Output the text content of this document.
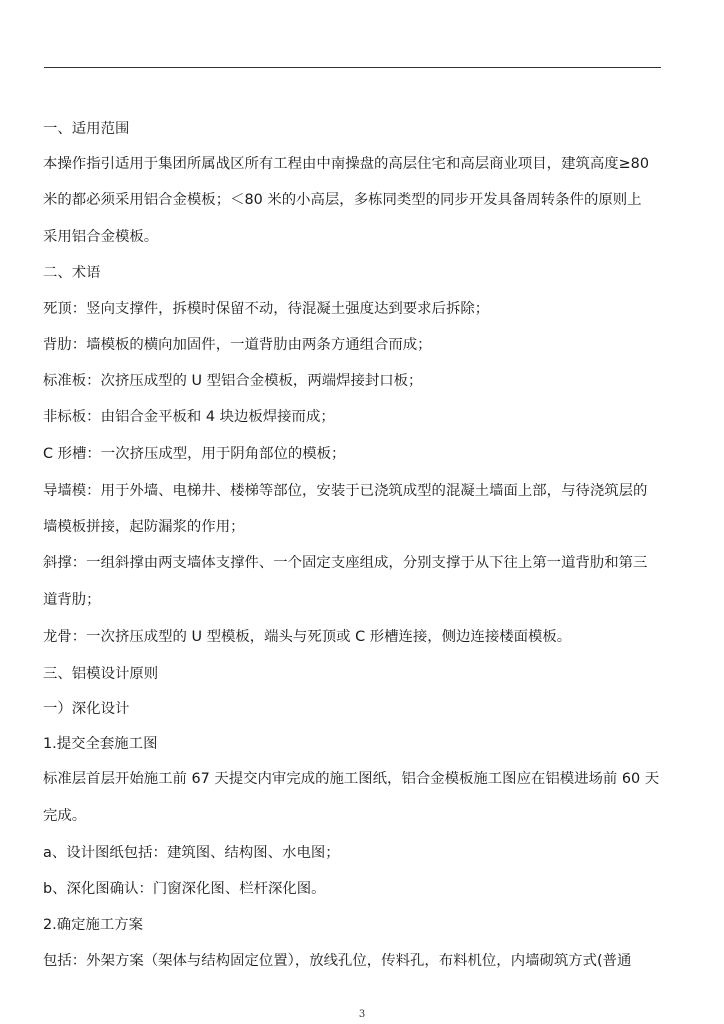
一、适用范围
本操作指引适用于集团所属战区所有工程由中南操盘的高层住宅和高层商业项目，建筑高度≥80
米的都必须采用铝合金模板；＜80 米的小高层，多栋同类型的同步开发具备周转条件的原则上
采用铝合金模板。
二、术语
死顶：竖向支撑件，拆模时保留不动，待混凝土强度达到要求后拆除；
背肋：墙模板的横向加固件，一道背肋由两条方通组合而成；
标准板：次挤压成型的 U 型铝合金模板，两端焊接封口板；
非标板：由铝合金平板和 4 块边板焊接而成；
C 形槽：一次挤压成型，用于阴角部位的模板；
导墙模：用于外墙、电梯井、楼梯等部位，安装于已浇筑成型的混凝土墙面上部，与待浇筑层的
墙模板拼接，起防漏浆的作用；
斜撑：一组斜撑由两支墙体支撑件、一个固定支座组成，分别支撑于从下往上第一道背肋和第三
道背肋；
龙骨：一次挤压成型的 U 型模板，端头与死顶或 C 形槽连接，侧边连接楼面模板。
三、铝模设计原则
一）深化设计
1.提交全套施工图
标准层首层开始施工前 67 天提交内审完成的施工图纸，铝合金模板施工图应在铝模进场前 60 天
完成。
a、设计图纸包括：建筑图、结构图、水电图；
b、深化图确认：门窗深化图、栏杆深化图。
2.确定施工方案
包括：外架方案（架体与结构固定位置），放线孔位，传料孔，布料机位，内墙砌筑方式(普通
3
